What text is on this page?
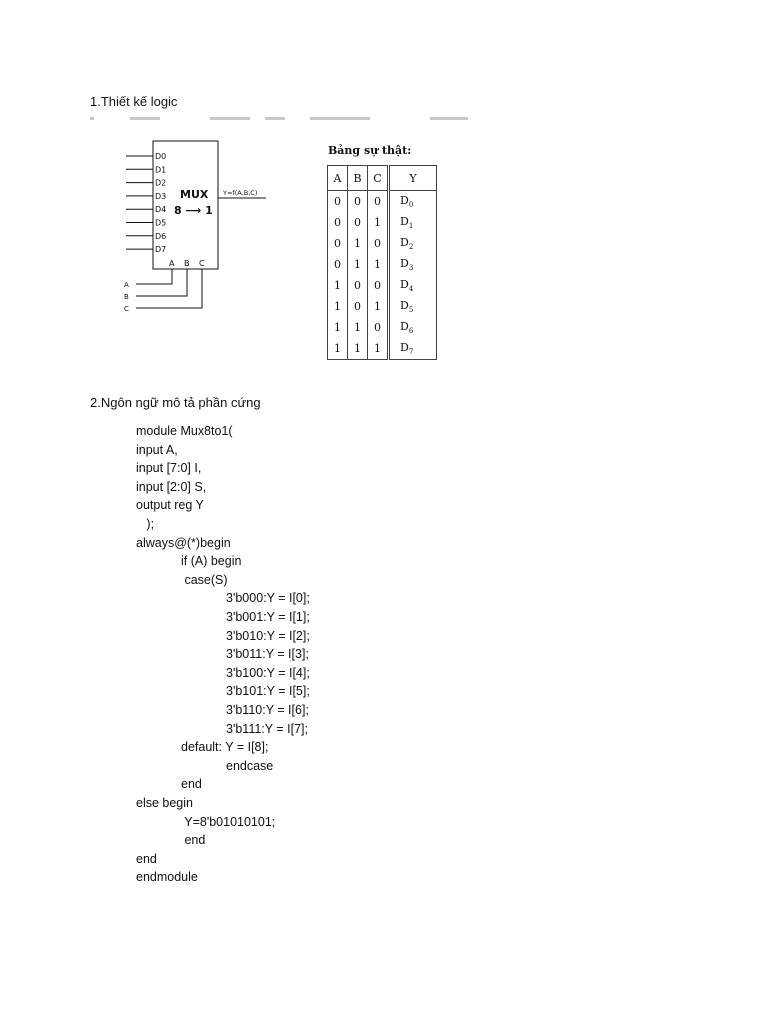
1.Thiết kế logic
D0
D1
D2
D3
D4
D5
D6
D7
MUX
8 ⟶ 1
Y=f(A,B,C)
A
A
B
B
C
C
Bảng sự thật:
A	B	C	Y
0	0	0	$D_0$
0	0	1	$D_1$
0	1	0	$D_2$
0	1	1	$D_3$
1	0	0	$D_4$
1	0	1	$D_5$
1	1	0	$D_6$
1	1	1	$D_7$
2.Ngôn ngữ mô tả phần cứng
module Mux8to1(
input A,
input [7:0] I,
input [2:0] S,
output reg Y
);
always@(*)begin
if (A) begin
case(S)
3'b000:Y = I[0];
3'b001:Y = I[1];
3'b010:Y = I[2];
3'b011:Y = I[3];
3'b100:Y = I[4];
3'b101:Y = I[5];
3'b110:Y = I[6];
3'b111:Y = I[7];
default: Y = I[8];
endcase
end
else begin
Y=8'b01010101;
end
end
endmodule
